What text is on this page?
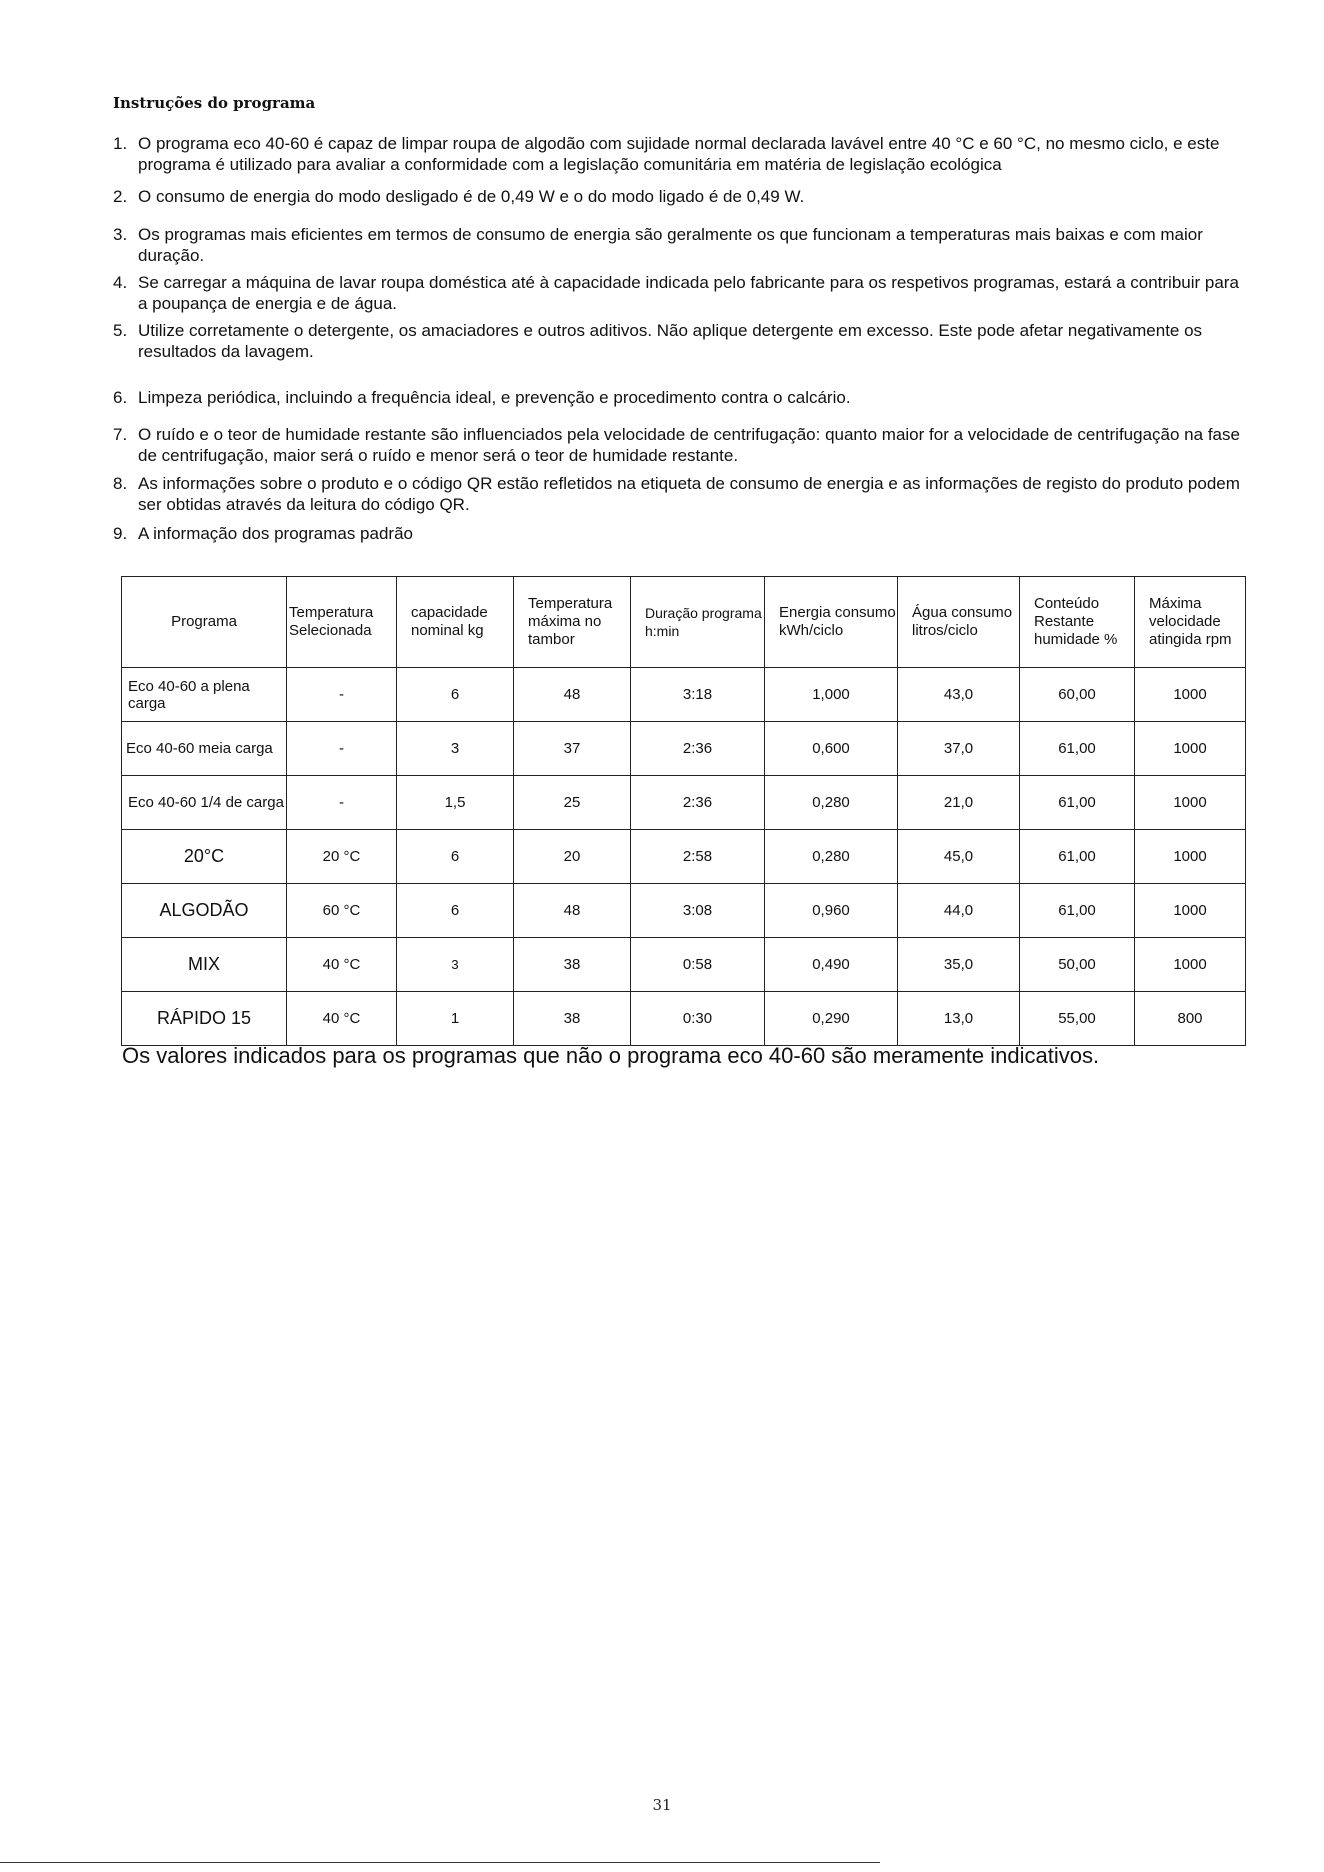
Instruções do programa
1. O programa eco 40-60 é capaz de limpar roupa de algodão com sujidade normal declarada lavável entre 40 °C e 60 °C, no mesmo ciclo, e este programa é utilizado para avaliar a conformidade com a legislação comunitária em matéria de legislação ecológica
2. O consumo de energia do modo desligado é de 0,49 W e o do modo ligado é de 0,49 W.
3. Os programas mais eficientes em termos de consumo de energia são geralmente os que funcionam a temperaturas mais baixas e com maior duração.
4. Se carregar a máquina de lavar roupa doméstica até à capacidade indicada pelo fabricante para os respetivos programas, estará a contribuir para a poupança de energia e de água.
5. Utilize corretamente o detergente, os amaciadores e outros aditivos. Não aplique detergente em excesso. Este pode afetar negativamente os resultados da lavagem.
6. Limpeza periódica, incluindo a frequência ideal, e prevenção e procedimento contra o calcário.
7. O ruído e o teor de humidade restante são influenciados pela velocidade de centrifugação: quanto maior for a velocidade de centrifugação na fase de centrifugação, maior será o ruído e menor será o teor de humidade restante.
8. As informações sobre o produto e o código QR estão refletidos na etiqueta de consumo de energia e as informações de registo do produto podem ser obtidas através da leitura do código QR.
9. A informação dos programas padrão
Programa	Temperatura Selecionada	capacidade nominal kg	Temperatura máxima no tambor	Duração programa h:min	Energia consumo kWh/ciclo	Água consumo litros/ciclo	Conteúdo Restante humidade %	Máxima velocidade atingida rpm
Eco 40-60 a plena carga	-	6	48	3:18	1,000	43,0	60,00	1000
Eco 40-60 meia carga	-	3	37	2:36	0,600	37,0	61,00	1000
Eco 40-60 1/4 de carga	-	1,5	25	2:36	0,280	21,0	61,00	1000
20°C	20 °C	6	20	2:58	0,280	45,0	61,00	1000
ALGODÃO	60 °C	6	48	3:08	0,960	44,0	61,00	1000
MIX	40 °C	3	38	0:58	0,490	35,0	50,00	1000
RÁPIDO 15	40 °C	1	38	0:30	0,290	13,0	55,00	800
Os valores indicados para os programas que não o programa eco 40-60 são meramente indicativos.
31
